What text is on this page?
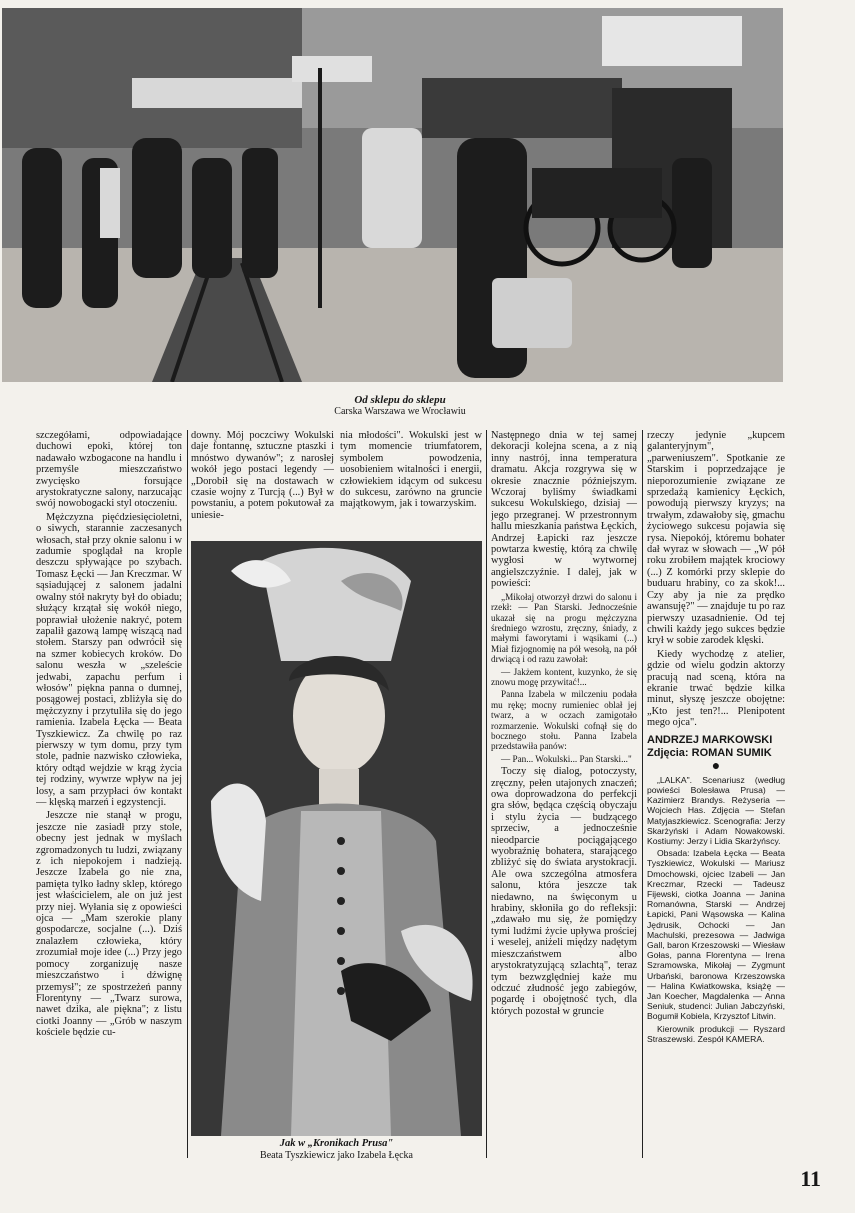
Od sklepu do sklepu
Carska Warszawa we Wrocławiu

szczegółami, odpowiadające duchowi epoki, której ton nadawało wzbogacone na handlu i przemyśle mieszczaństwo zwycięsko forsujące arystokratyczne salony, narzucając swój nowobogacki styl otoczeniu.

Mężczyzna pięćdziesięcioletni, o siwych, starannie zaczesanych włosach, stał przy oknie salonu i w zadumie spoglądał na krople deszczu spływające po szybach. Tomasz Łęcki — Jan Kreczmar. W sąsiadującej z salonem jadalni owalny stół nakryty był do obiadu; służący krzątał się wokół niego, poprawiał ułożenie nakryć, potem zapalił gazową lampę wiszącą nad stołem. Starszy pan odwrócił się na szmer kobiecych kroków. Do salonu weszła w „szeleście jedwabi, zapachu perfum i włosów" piękna panna o dumnej, posągowej postaci, zbliżyła się do mężczyzny i przytuliła się do jego ramienia. Izabela Łęcka — Beata Tyszkiewicz. Za chwilę po raz pierwszy w tym domu, przy tym stole, padnie nazwisko człowieka, który odtąd wejdzie w krąg życia tej rodziny, wywrze wpływ na jej losy, a sam przypłaci ów kontakt — klęską marzeń i egzystencji.

Jeszcze nie stanął w progu, jeszcze nie zasiadł przy stole, obecny jest jednak w myślach zgromadzonych tu ludzi, związany z ich niepokojem i nadzieją. Jeszcze Izabela go nie zna, pamięta tylko ładny sklep, którego jest właścicielem, ale on już jest przy niej. Wyłania się z opowieści ojca — „Mam szerokie plany gospodarcze, socjalne (...). Dziś znalazłem człowieka, który zrozumiał moje idee (...) Przy jego pomocy zorganizuję nasze mieszczaństwo i dźwignę przemysł"; ze spostrzeżeń panny Florentyny — „Twarz surowa, nawet dzika, ale piękna"; z listu ciotki Joanny — „Grób w naszym kościele będzie cu-

downy. Mój poczciwy Wokulski daje fontannę, sztuczne ptaszki i mnóstwo dywanów"; z narosłej wokół jego postaci legendy — „Dorobił się na dostawach w czasie wojny z Turcją (...) Był w powstaniu, a potem pokutował za uniesie-

nia młodości". Wokulski jest w tym momencie triumfatorem, symbolem powodzenia, uosobieniem witalności i energii, człowiekiem idącym od sukcesu do sukcesu, zarówno na gruncie majątkowym, jak i towarzyskim.

Jak w „Kronikach Prusa"
Beata Tyszkiewicz jako Izabela Łęcka

Następnego dnia w tej samej dekoracji kolejna scena, a z nią inny nastrój, inna temperatura dramatu. Akcja rozgrywa się w okresie znacznie późniejszym. Wczoraj byliśmy świadkami sukcesu Wokulskiego, dzisiaj — jego przegranej. W przestronnym hallu mieszkania państwa Łęckich, Andrzej Łapicki raz jeszcze powtarza kwestię, którą za chwilę wygłosi w wytwornej angielszczyźnie. I dalej, jak w powieści:

„Mikołaj otworzył drzwi do salonu i rzekł: — Pan Starski. Jednocześnie ukazał się na progu mężczyzna średniego wzrostu, zręczny, śniady, z małymi faworytami i wąsikami (...) Miał fizjognomię na pół wesołą, na pół drwiącą i od razu zawołał:

— Jakżem kontent, kuzynko, że się znowu mogę przywitać!...

Panna Izabela w milczeniu podała mu rękę; mocny rumieniec oblał jej twarz, a w oczach zamigotało rozmarzenie. Wokulski cofnął się do bocznego stołu. Panna Izabela przedstawiła panów:

— Pan... Wokulski... Pan Starski..."

Toczy się dialog, potoczysty, zręczny, pełen utajonych znaczeń; owa doprowadzona do perfekcji gra słów, będąca częścią obyczaju i stylu życia — budzącego sprzeciw, a jednocześnie nieodparcie pociągającego wyobraźnię bohatera, starającego zbliżyć się do świata arystokracji. Ale owa szczególna atmosfera salonu, która jeszcze tak niedawno, na święconym u hrabiny, skłoniła go do refleksji: „zdawało mu się, że pomiędzy tymi ludźmi życie upływa prościej i weselej, aniżeli między nadętym mieszczaństwem albo arystokratyzującą szlachtą", teraz tym bezwzględniej każe mu odczuć złudność jego zabiegów, pogardę i obojętność tych, dla których pozostał w gruncie

rzeczy jedynie „kupcem galanteryjnym", „parweniuszem". Spotkanie ze Starskim i poprzedzające je nieporozumienie związane ze sprzedażą kamienicy Łęckich, powodują pierwszy kryzys; na trwałym, zdawałoby się, gmachu życiowego sukcesu pojawia się rysa. Niepokój, któremu bohater dał wyraz w słowach — „W pół roku zrobiłem majątek krociowy (...) Z komórki przy sklepie do buduaru hrabiny, co za skok!... Czy aby ja nie za prędko awansuję?" — znajduje tu po raz pierwszy uzasadnienie. Od tej chwili każdy jego sukces będzie krył w sobie zarodek klęski.

Kiedy wychodzę z atelier, gdzie od wielu godzin aktorzy pracują nad sceną, która na ekranie trwać będzie kilka minut, słyszę jeszcze obojętne: „Kto jest ten?!... Plenipotent mego ojca".

ANDRZEJ MARKOWSKI

Zdjęcia: ROMAN SUMIK

●

„LALKA". Scenariusz (według powieści Bolesława Prusa) — Kazimierz Brandys. Reżyseria — Wojciech Has. Zdjęcia — Stefan Matyjaszkiewicz. Scenografia: Jerzy Skarżyński i Adam Nowakowski. Kostiumy: Jerzy i Lidia Skarżyńscy.

Obsada: Izabela Łęcka — Beata Tyszkiewicz, Wokulski — Mariusz Dmochowski, ojciec Izabeli — Jan Kreczmar, Rzecki — Tadeusz Fijewski, ciotka Joanna — Janina Romanówna, Starski — Andrzej Łapicki, Pani Wąsowska — Kalina Jędrusik, Ochocki — Jan Machulski, prezesowa — Jadwiga Gall, baron Krzeszowski — Wiesław Gołas, panna Florentyna — Irena Szramowska, Mikołaj — Zygmunt Urbański, baronowa Krzeszowska — Halina Kwiatkowska, książę — Jan Koecher, Magdalenka — Anna Seniuk, studenci: Julian Jabczyński, Bogumił Kobiela, Krzysztof Litwin.

Kierownik produkcji — Ryszard Straszewski. Zespół KAMERA.

11
